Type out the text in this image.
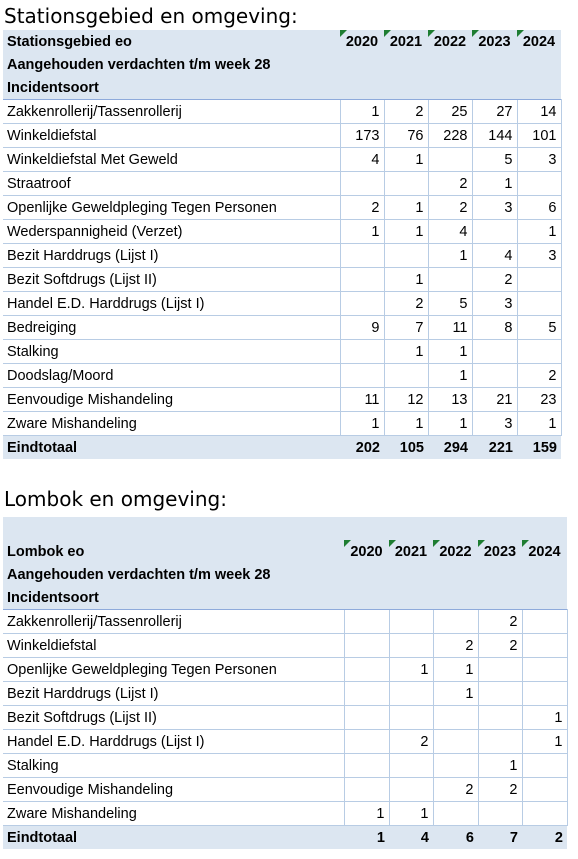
Stationsgebied en omgeving:
Stationsgebied eo	2020	2021	2022	2023	2024
Aangehouden verdachten t/m week 28					
Incidentsoort					
Zakkenrollerij/Tassenrollerij	1	2	25	27	14
Winkeldiefstal	173	76	228	144	101
Winkeldiefstal Met Geweld	4	1		5	3
Straatroof			2	1	
Openlijke Geweldpleging Tegen Personen	2	1	2	3	6
Wederspannigheid (Verzet)	1	1	4		1
Bezit Harddrugs (Lijst I)			1	4	3
Bezit Softdrugs (Lijst II)		1		2	
Handel E.D. Harddrugs (Lijst I)		2	5	3	
Bedreiging	9	7	11	8	5
Stalking		1	1		
Doodslag/Moord			1		2
Eenvoudige Mishandeling	11	12	13	21	23
Zware Mishandeling	1	1	1	3	1
Eindtotaal	202	105	294	221	159
Lombok en omgeving:

Lombok eo	2020	2021	2022	2023	2024
Aangehouden verdachten t/m week 28					
Incidentsoort					
Zakkenrollerij/Tassenrollerij				2	
Winkeldiefstal			2	2	
Openlijke Geweldpleging Tegen Personen		1	1		
Bezit Harddrugs (Lijst I)			1		
Bezit Softdrugs (Lijst II)					1
Handel E.D. Harddrugs (Lijst I)		2			1
Stalking				1	
Eenvoudige Mishandeling			2	2	
Zware Mishandeling	1	1			
Eindtotaal	1	4	6	7	2
